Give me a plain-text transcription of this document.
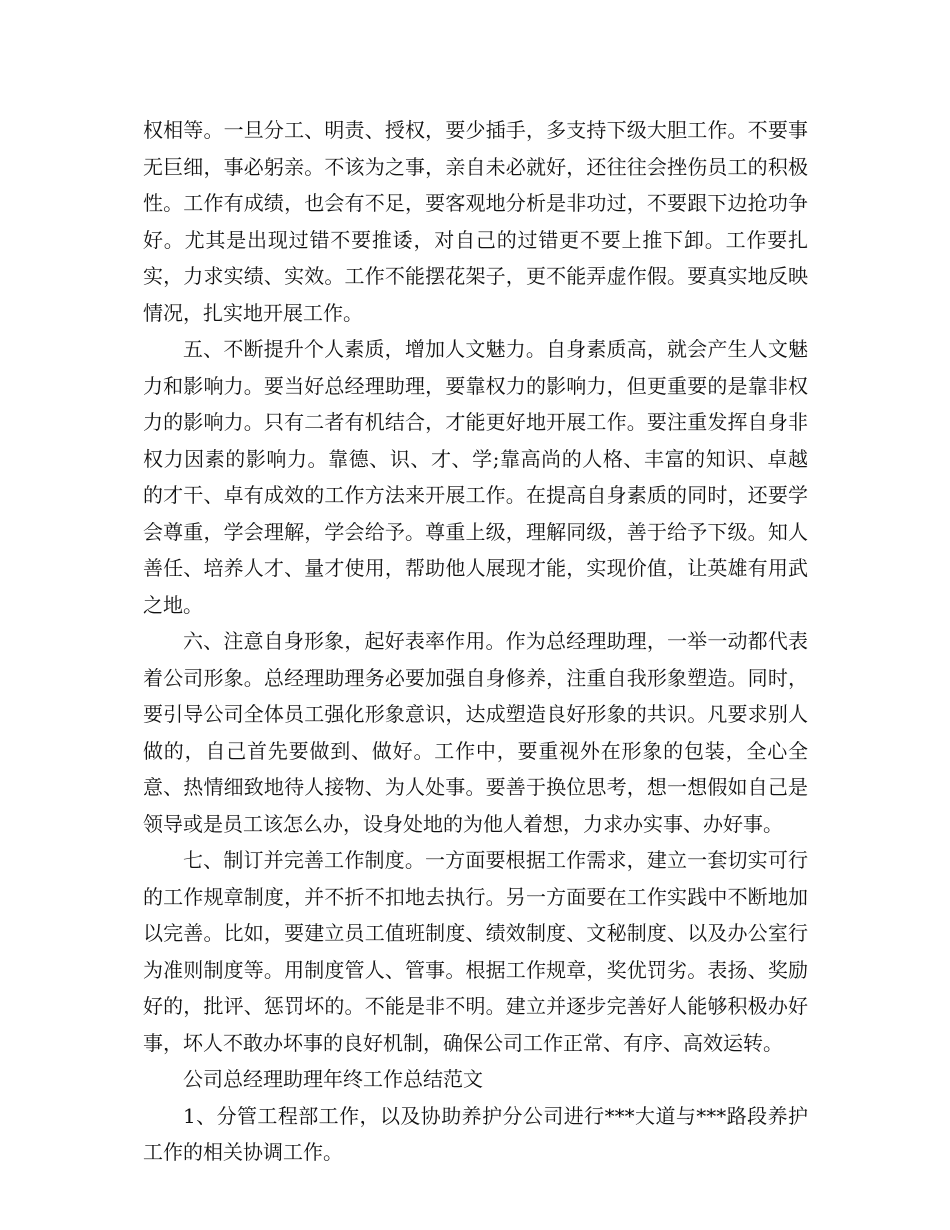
权相等。一旦分工、明责、授权，要少插手，多支持下级大胆工作。不要事无巨细，事必躬亲。不该为之事，亲自未必就好，还往往会挫伤员工的积极性。工作有成绩，也会有不足，要客观地分析是非功过，不要跟下边抢功争好。尤其是出现过错不要推诿，对自己的过错更不要上推下卸。工作要扎实，力求实绩、实效。工作不能摆花架子，更不能弄虚作假。要真实地反映情况，扎实地开展工作。

五、不断提升个人素质，增加人文魅力。自身素质高，就会产生人文魅力和影响力。要当好总经理助理，要靠权力的影响力，但更重要的是靠非权力的影响力。只有二者有机结合，才能更好地开展工作。要注重发挥自身非权力因素的影响力。靠德、识、才、学;靠高尚的人格、丰富的知识、卓越的才干、卓有成效的工作方法来开展工作。在提高自身素质的同时，还要学会尊重，学会理解，学会给予。尊重上级，理解同级，善于给予下级。知人善任、培养人才、量才使用，帮助他人展现才能，实现价值，让英雄有用武之地。

六、注意自身形象，起好表率作用。作为总经理助理，一举一动都代表着公司形象。总经理助理务必要加强自身修养，注重自我形象塑造。同时，要引导公司全体员工强化形象意识，达成塑造良好形象的共识。凡要求别人做的，自己首先要做到、做好。工作中，要重视外在形象的包装，全心全意、热情细致地待人接物、为人处事。要善于换位思考，想一想假如自己是领导或是员工该怎么办，设身处地的为他人着想，力求办实事、办好事。

七、制订并完善工作制度。一方面要根据工作需求，建立一套切实可行的工作规章制度，并不折不扣地去执行。另一方面要在工作实践中不断地加以完善。比如，要建立员工值班制度、绩效制度、文秘制度、以及办公室行为准则制度等。用制度管人、管事。根据工作规章，奖优罚劣。表扬、奖励好的，批评、惩罚坏的。不能是非不明。建立并逐步完善好人能够积极办好事，坏人不敢办坏事的良好机制，确保公司工作正常、有序、高效运转。

公司总经理助理年终工作总结范文

1、分管工程部工作，以及协助养护分公司进行***大道与***路段养护工作的相关协调工作。
